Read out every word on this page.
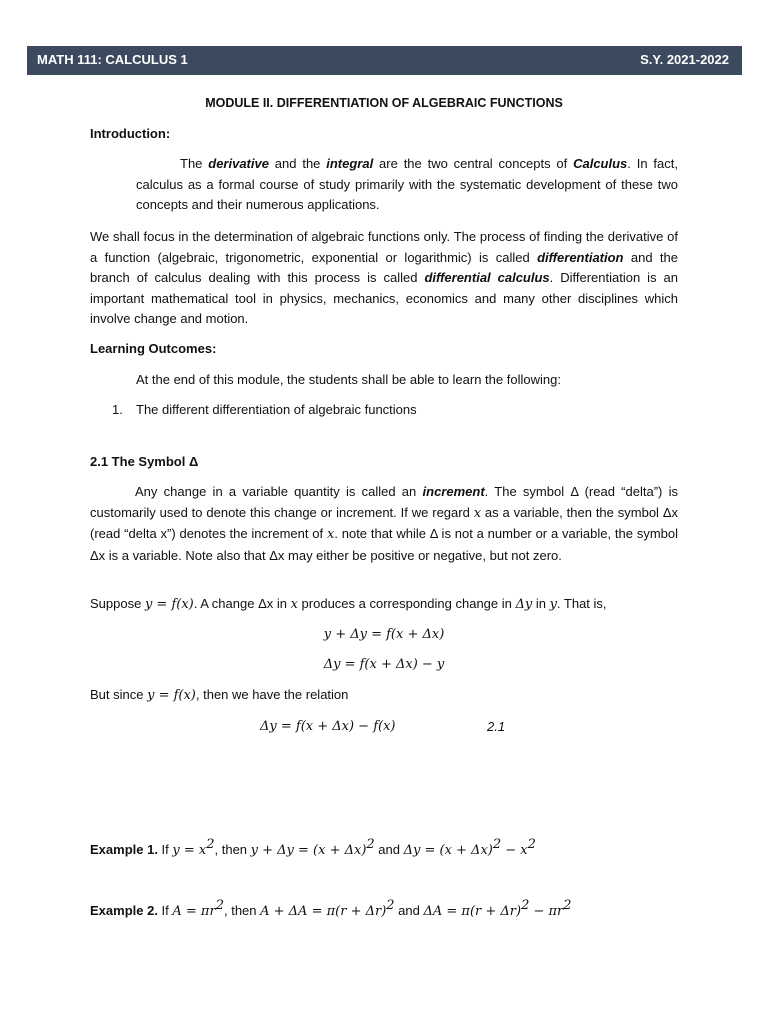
MATH 111: CALCULUS 1	S.Y. 2021-2022
MODULE II. DIFFERENTIATION OF ALGEBRAIC FUNCTIONS
Introduction:
The derivative and the integral are the two central concepts of Calculus. In fact, calculus as a formal course of study primarily with the systematic development of these two concepts and their numerous applications.
We shall focus in the determination of algebraic functions only. The process of finding the derivative of a function (algebraic, trigonometric, exponential or logarithmic) is called differentiation and the branch of calculus dealing with this process is called differential calculus. Differentiation is an important mathematical tool in physics, mechanics, economics and many other disciplines which involve change and motion.
Learning Outcomes:
At the end of this module, the students shall be able to learn the following:
1. The different differentiation of algebraic functions
2.1 The Symbol Δ
Any change in a variable quantity is called an increment. The symbol Δ (read “delta”) is customarily used to denote this change or increment. If we regard x as a variable, then the symbol Δx (read “delta x”) denotes the increment of x. note that while Δ is not a number or a variable, the symbol Δx is a variable. Note also that Δx may either be positive or negative, but not zero.
Suppose y = f(x). A change Δx in x produces a corresponding change in Δy in y. That is,
y + Δy = f(x + Δx)
Δy = f(x + Δx) − y
But since y = f(x), then we have the relation
Δy = f(x + Δx) − f(x)	2.1
Example 1. If $y = x^2$, then $y + \Delta y = (x + \Delta x)^2$ and $\Delta y = (x + \Delta x)^2 - x^2$
Example 2. If $A = \pi r^2$, then $A + \Delta A = \pi(r + \Delta r)^2$ and $\Delta A = \pi(r + \Delta r)^2 - \pi r^2$
